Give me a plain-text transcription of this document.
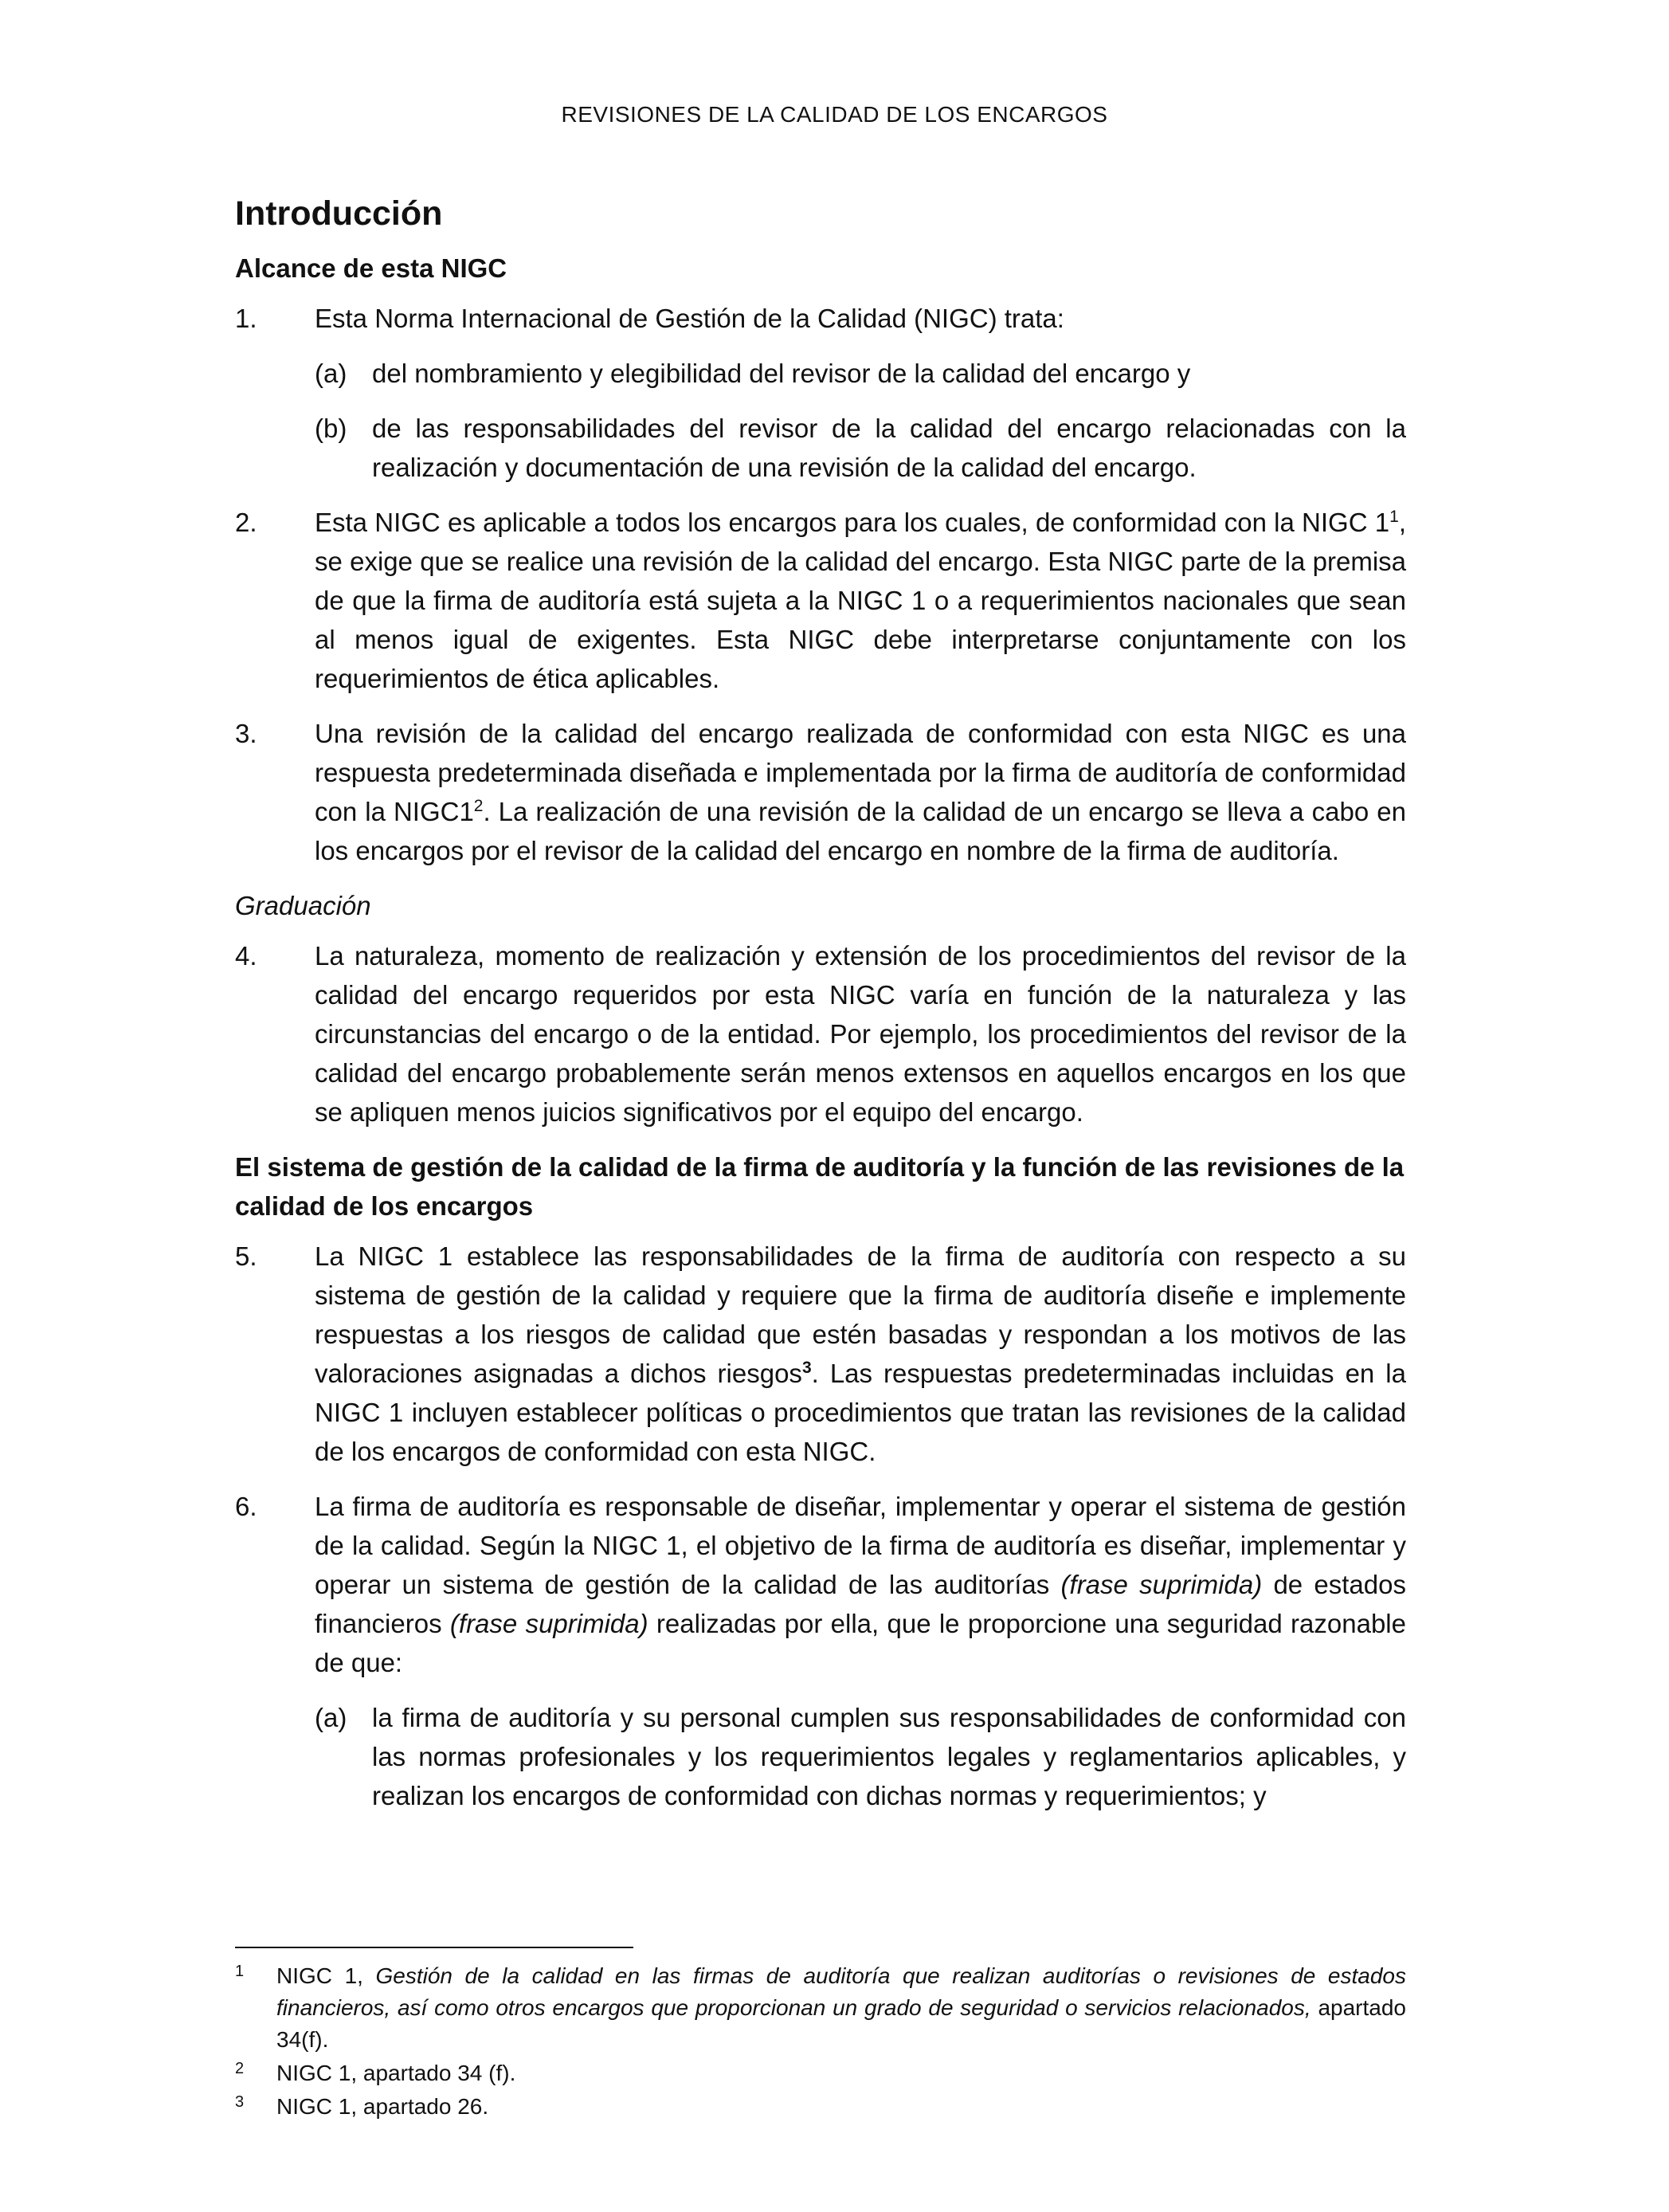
REVISIONES DE LA CALIDAD DE LOS ENCARGOS
Introducción
Alcance de esta NIGC
1. Esta Norma Internacional de Gestión de la Calidad (NIGC) trata:

(a) del nombramiento y elegibilidad del revisor de la calidad del encargo y
(b) de las responsabilidades del revisor de la calidad del encargo relacionadas con la realización y documentación de una revisión de la calidad del encargo.
2. Esta NIGC es aplicable a todos los encargos para los cuales, de conformidad con la NIGC $1^1$, se exige que se realice una revisión de la calidad del encargo. Esta NIGC parte de la premisa de que la firma de auditoría está sujeta a la NIGC 1 o a requerimientos nacionales que sean al menos igual de exigentes. Esta NIGC debe interpretarse conjuntamente con los requerimientos de ética aplicables.

3. Una revisión de la calidad del encargo realizada de conformidad con esta NIGC es una respuesta predeterminada diseñada e implementada por la firma de auditoría de conformidad con la $NIGC1^2$. La realización de una revisión de la calidad de un encargo se lleva a cabo en los encargos por el revisor de la calidad del encargo en nombre de la firma de auditoría.

Graduación
4. La naturaleza, momento de realización y extensión de los procedimientos del revisor de la calidad del encargo requeridos por esta NIGC varía en función de la naturaleza y las circunstancias del encargo o de la entidad. Por ejemplo, los procedimientos del revisor de la calidad del encargo probablemente serán menos extensos en aquellos encargos en los que se apliquen menos juicios significativos por el equipo del encargo.

El sistema de gestión de la calidad de la firma de auditoría y la función de las revisiones de la calidad de los encargos
5. La NIGC 1 establece las responsabilidades de la firma de auditoría con respecto a su sistema de gestión de la calidad y requiere que la firma de auditoría diseñe e implemente respuestas a los riesgos de calidad que estén basadas y respondan a los motivos de las valoraciones asignadas a dichos riesgos$^3$. Las respuestas predeterminadas incluidas en la NIGC 1 incluyen establecer políticas o procedimientos que tratan las revisiones de la calidad de los encargos de conformidad con esta NIGC.

6. La firma de auditoría es responsable de diseñar, implementar y operar el sistema de gestión de la calidad. Según la NIGC 1, el objetivo de la firma de auditoría es diseñar, implementar y operar un sistema de gestión de la calidad de las auditorías (frase suprimida) de estados financieros (frase suprimida) realizadas por ella, que le proporcione una seguridad razonable de que:

(a) la firma de auditoría y su personal cumplen sus responsabilidades de conformidad con las normas profesionales y los requerimientos legales y reglamentarios aplicables, y realizan los encargos de conformidad con dichas normas y requerimientos; y
1 NIGC 1, Gestión de la calidad en las firmas de auditoría que realizan auditorías o revisiones de estados financieros, así como otros encargos que proporcionan un grado de seguridad o servicios relacionados, apartado 34(f).
2 NIGC 1, apartado 34 (f).
3 NIGC 1, apartado 26.
